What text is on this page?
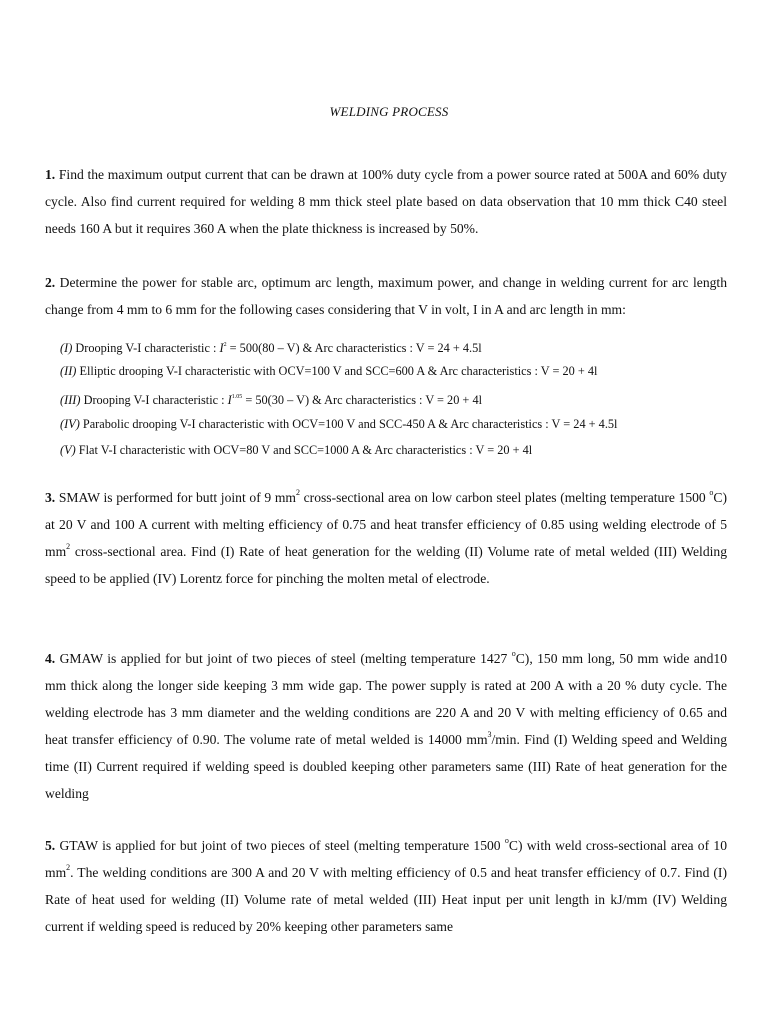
WELDING PROCESS

1. Find the maximum output current that can be drawn at 100% duty cycle from a power source rated at 500A and 60% duty cycle. Also find current required for welding 8 mm thick steel plate based on data observation that 10 mm thick C40 steel needs 160 A but it requires 360 A when the plate thickness is increased by 50%.

2. Determine the power for stable arc, optimum arc length, maximum power, and change in welding current for arc length change from 4 mm to 6 mm for the following cases considering that V in volt, I in A and arc length in mm:

(I) Drooping V-I characteristic : $I^2 = 500(80 - V)$ & Arc characteristics : V = 24 + 4.5l
(II) Elliptic drooping V-I characteristic with OCV=100 V and SCC=600 A & Arc characteristics : V = 20 + 4l
(III) Drooping V-I characteristic : $I^{1.05} = 50(30 - V)$ & Arc characteristics : V = 20 + 4l
(IV) Parabolic drooping V-I characteristic with OCV=100 V and SCC-450 A & Arc characteristics : V = 24 + 4.5l
(V) Flat V-I characteristic with OCV=80 V and SCC=1000 A & Arc characteristics : V = 20 + 4l

3. SMAW is performed for butt joint of 9 $mm^2$ cross-sectional area on low carbon steel plates (melting temperature 1500 $^o$C) at 20 V and 100 A current with melting efficiency of 0.75 and heat transfer efficiency of 0.85 using welding electrode of 5 $mm^2$ cross-sectional area. Find (I) Rate of heat generation for the welding (II) Volume rate of metal welded (III) Welding speed to be applied (IV) Lorentz force for pinching the molten metal of electrode.

4. GMAW is applied for but joint of two pieces of steel (melting temperature 1427 $^o$C), 150 mm long, 50 mm wide and10 mm thick along the longer side keeping 3 mm wide gap. The power supply is rated at 200 A with a 20 % duty cycle. The welding electrode has 3 mm diameter and the welding conditions are 220 A and 20 V with melting efficiency of 0.65 and heat transfer efficiency of 0.90. The volume rate of metal welded is 14000 $mm^3/\min$. Find (I) Welding speed and Welding time (II) Current required if welding speed is doubled keeping other parameters same (III) Rate of heat generation for the welding

5. GTAW is applied for but joint of two pieces of steel (melting temperature 1500 $^o$C) with weld cross-sectional area of 10 $mm^2$. The welding conditions are 300 A and 20 V with melting efficiency of 0.5 and heat transfer efficiency of 0.7. Find (I) Rate of heat used for welding (II) Volume rate of metal welded (III) Heat input per unit length in kJ/mm (IV) Welding current if welding speed is reduced by 20% keeping other parameters same
